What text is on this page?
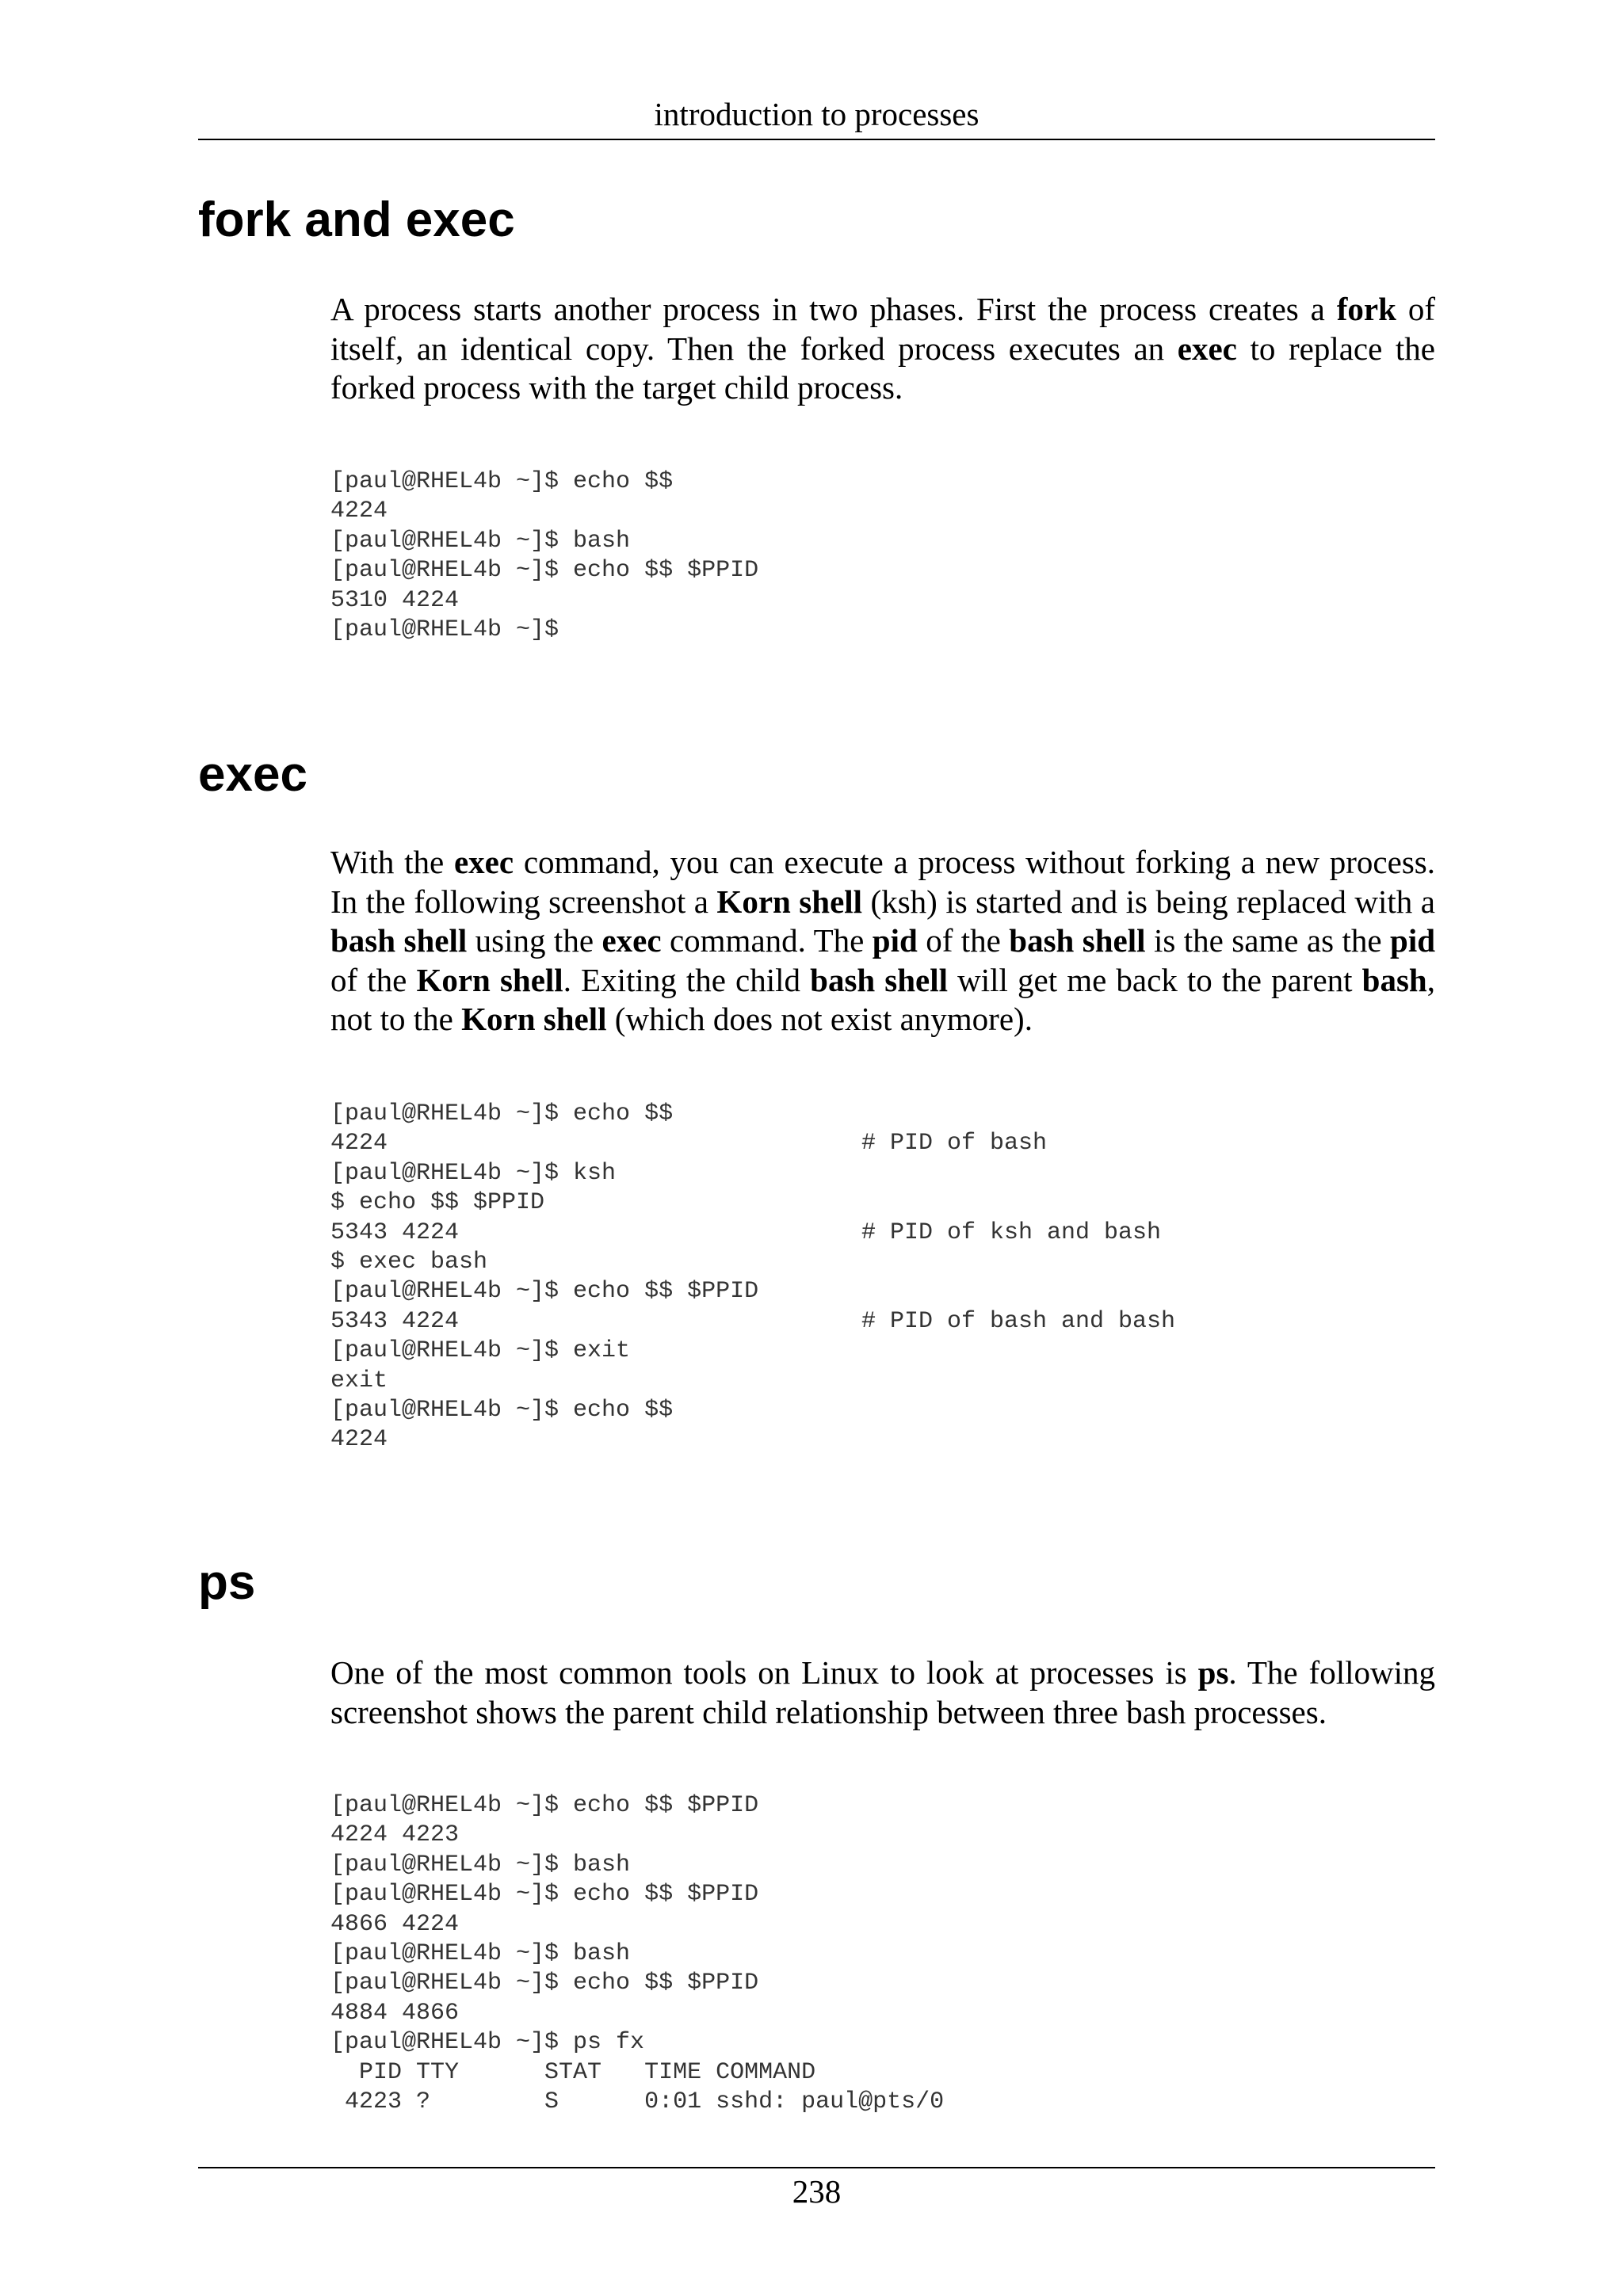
introduction to processes
fork and exec

A process starts another process in two phases. First the process creates a fork of itself, an identical copy. Then the forked process executes an exec to replace the forked process with the target child process.

[paul@RHEL4b ~]$ echo $$
4224
[paul@RHEL4b ~]$ bash
[paul@RHEL4b ~]$ echo $$ $PPID
5310 4224
[paul@RHEL4b ~]$
exec

With the exec command, you can execute a process without forking a new process. In the following screenshot a Korn shell (ksh) is started and is being replaced with a bash shell using the exec command. The pid of the bash shell is the same as the pid of the Korn shell. Exiting the child bash shell will get me back to the parent bash, not to the Korn shell (which does not exist anymore).

[paul@RHEL4b ~]$ echo $$
4224	# PID of bash
[paul@RHEL4b ~]$ ksh
$ echo $$ $PPID
5343 4224	# PID of ksh and bash
$ exec bash
[paul@RHEL4b ~]$ echo $$ $PPID
5343 4224	# PID of bash and bash
[paul@RHEL4b ~]$ exit
exit
[paul@RHEL4b ~]$ echo $$
4224
ps

One of the most common tools on Linux to look at processes is ps. The following screenshot shows the parent child relationship between three bash processes.

[paul@RHEL4b ~]$ echo $$ $PPID
4224 4223
[paul@RHEL4b ~]$ bash
[paul@RHEL4b ~]$ echo $$ $PPID
4866 4224
[paul@RHEL4b ~]$ bash
[paul@RHEL4b ~]$ echo $$ $PPID
4884 4866
[paul@RHEL4b ~]$ ps fx
PID TTY      STAT   TIME COMMAND
4223 ?        S      0:01 sshd: paul@pts/0
238
